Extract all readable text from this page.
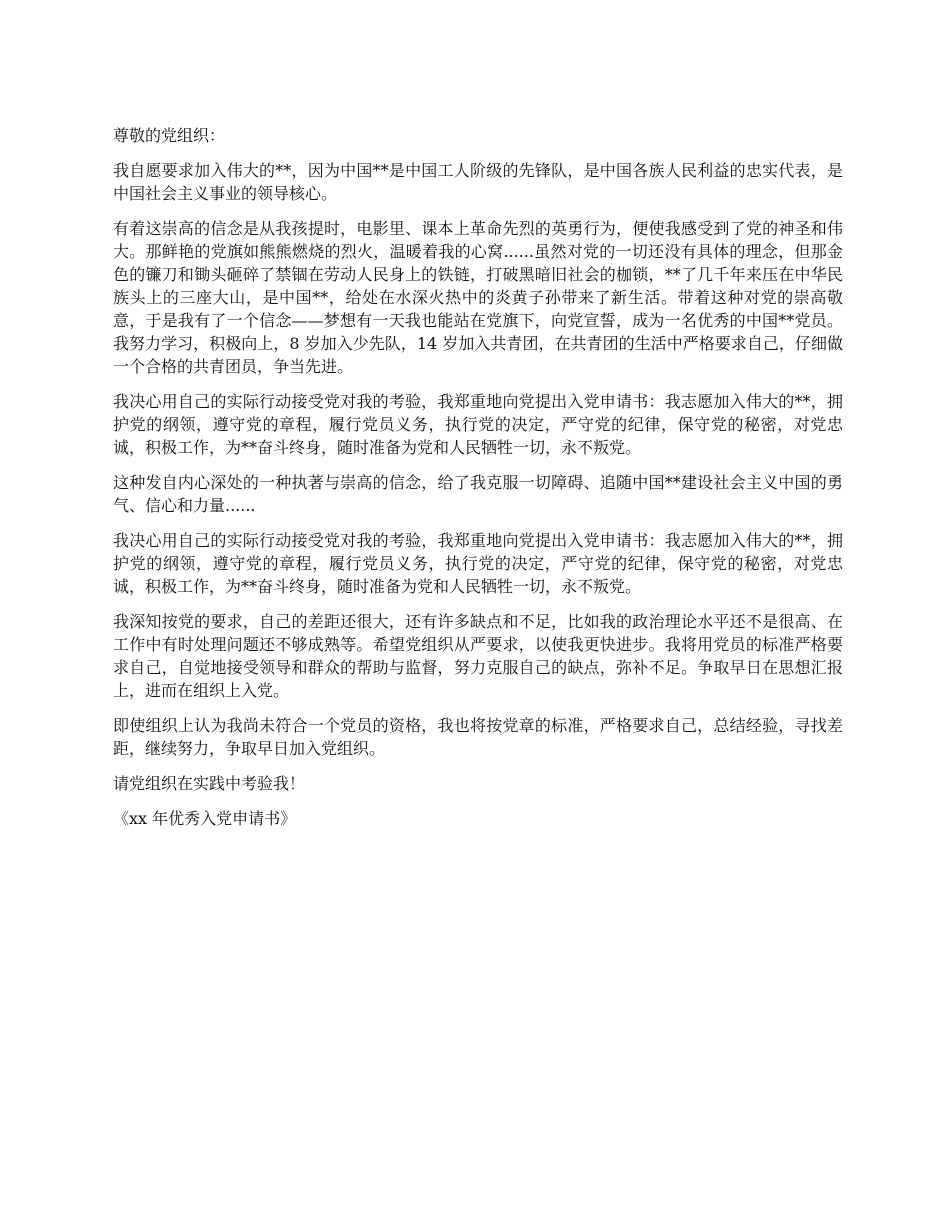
尊敬的党组织：

我自愿要求加入伟大的**，因为中国**是中国工人阶级的先锋队，是中国各族人民利益的忠实代表，是中国社会主义事业的领导核心。

有着这崇高的信念是从我孩提时，电影里、课本上革命先烈的英勇行为，便使我感受到了党的神圣和伟大。那鲜艳的党旗如熊熊燃烧的烈火，温暖着我的心窝......虽然对党的一切还没有具体的理念，但那金色的镰刀和锄头砸碎了禁锢在劳动人民身上的铁链，打破黑暗旧社会的枷锁，**了几千年来压在中华民族头上的三座大山，是中国**，给处在水深火热中的炎黄子孙带来了新生活。带着这种对党的崇高敬意，于是我有了一个信念——梦想有一天我也能站在党旗下，向党宣誓，成为一名优秀的中国**党员。我努力学习，积极向上，8 岁加入少先队，14 岁加入共青团，在共青团的生活中严格要求自己，仔细做一个合格的共青团员，争当先进。

我决心用自己的实际行动接受党对我的考验，我郑重地向党提出入党申请书：我志愿加入伟大的**，拥护党的纲领，遵守党的章程，履行党员义务，执行党的决定，严守党的纪律，保守党的秘密，对党忠诚，积极工作，为**奋斗终身，随时准备为党和人民牺牲一切，永不叛党。

这种发自内心深处的一种执著与崇高的信念，给了我克服一切障碍、追随中国**建设社会主义中国的勇气、信心和力量......

我决心用自己的实际行动接受党对我的考验，我郑重地向党提出入党申请书：我志愿加入伟大的**，拥护党的纲领，遵守党的章程，履行党员义务，执行党的决定，严守党的纪律，保守党的秘密，对党忠诚，积极工作，为**奋斗终身，随时准备为党和人民牺牲一切，永不叛党。

我深知按党的要求，自己的差距还很大，还有许多缺点和不足，比如我的政治理论水平还不是很高、在工作中有时处理问题还不够成熟等。希望党组织从严要求，以使我更快进步。我将用党员的标准严格要求自己，自觉地接受领导和群众的帮助与监督，努力克服自己的缺点，弥补不足。争取早日在思想汇报上，进而在组织上入党。

即使组织上认为我尚未符合一个党员的资格，我也将按党章的标准，严格要求自己，总结经验，寻找差距，继续努力，争取早日加入党组织。

请党组织在实践中考验我！

《xx 年优秀入党申请书》
